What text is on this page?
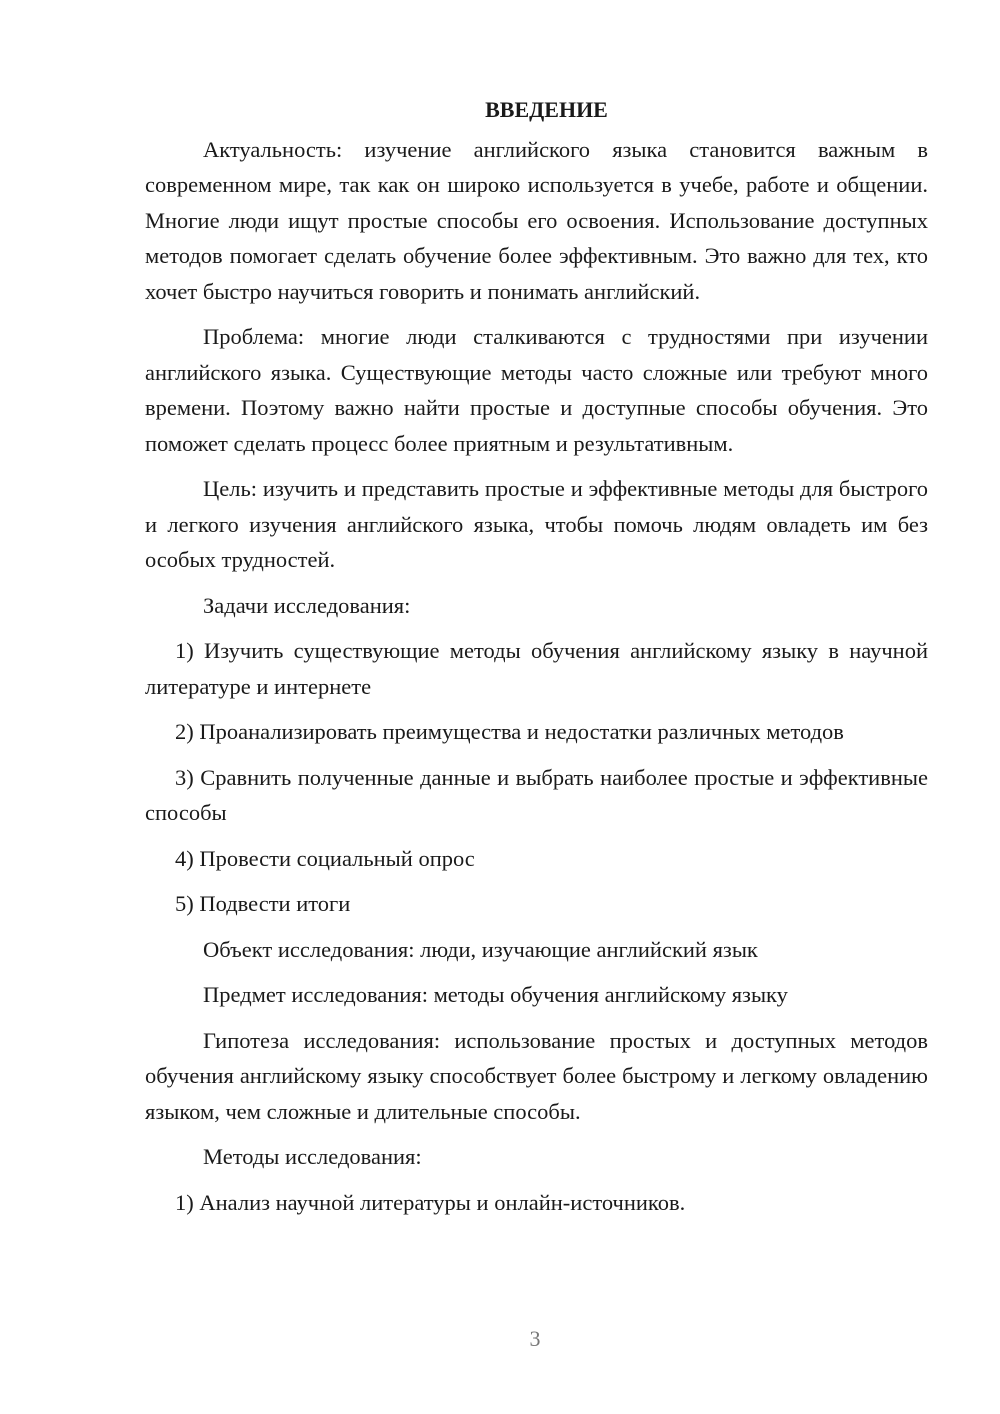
ВВЕДЕНИЕ

Актуальность: изучение английского языка становится важным в современном мире, так как он широко используется в учебе, работе и общении. Многие люди ищут простые способы его освоения. Использование доступных методов помогает сделать обучение более эффективным. Это важно для тех, кто хочет быстро научиться говорить и понимать английский.

Проблема: многие люди сталкиваются с трудностями при изучении английского языка. Существующие методы часто сложные или требуют много времени. Поэтому важно найти простые и доступные способы обучения. Это поможет сделать процесс более приятным и результативным.

Цель: изучить и представить простые и эффективные методы для быстрого и легкого изучения английского языка, чтобы помочь людям овладеть им без особых трудностей.

Задачи исследования:

1) Изучить существующие методы обучения английскому языку в научной литературе и интернете

2) Проанализировать преимущества и недостатки различных методов

3) Сравнить полученные данные и выбрать наиболее простые и эффективные способы

4) Провести социальный опрос

5) Подвести итоги

Объект исследования: люди, изучающие английский язык

Предмет исследования: методы обучения английскому языку

Гипотеза исследования: использование простых и доступных методов обучения английскому языку способствует более быстрому и легкому овладению языком, чем сложные и длительные способы.

Методы исследования:

1) Анализ научной литературы и онлайн-источников.

3
